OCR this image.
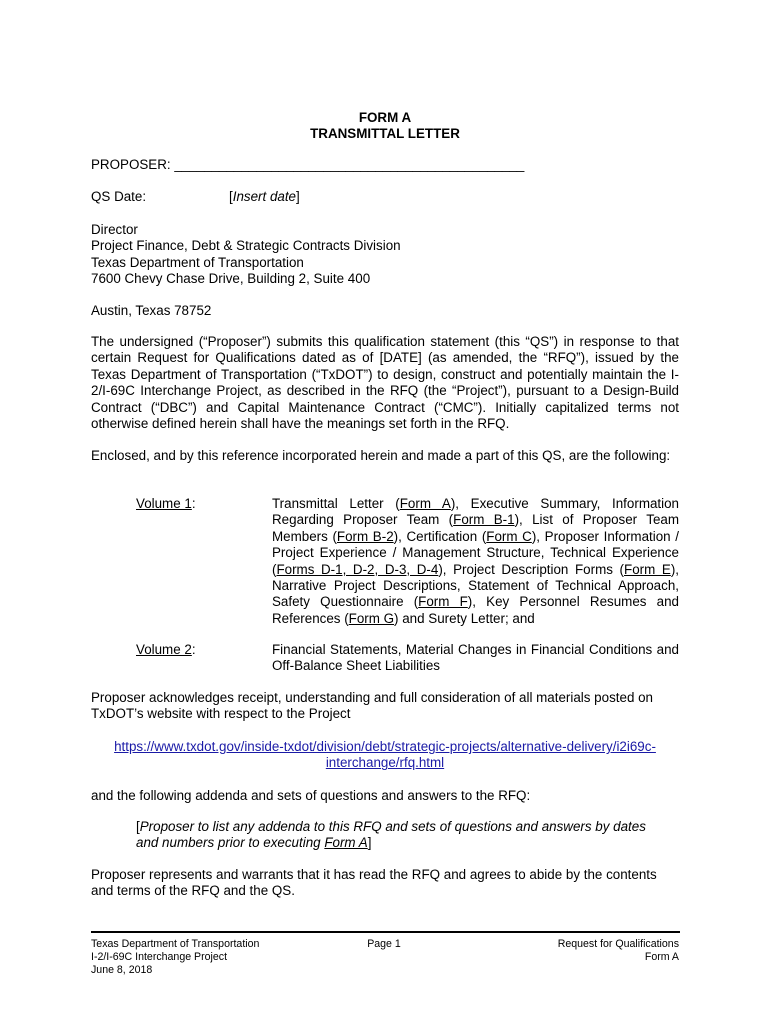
FORM A
TRANSMITTAL LETTER
PROPOSER: _______________________________________________
QS Date:	[Insert date]
Director
Project Finance, Debt & Strategic Contracts Division
Texas Department of Transportation
7600 Chevy Chase Drive, Building 2, Suite 400
Austin, Texas 78752
The undersigned (“Proposer”) submits this qualification statement (this “QS”) in response to that certain Request for Qualifications dated as of [DATE] (as amended, the “RFQ”), issued by the Texas Department of Transportation (“TxDOT”) to design, construct and potentially maintain the I-2/I-69C Interchange Project, as described in the RFQ (the “Project”), pursuant to a Design-Build Contract (“DBC”) and Capital Maintenance Contract (“CMC”). Initially capitalized terms not otherwise defined herein shall have the meanings set forth in the RFQ.
Enclosed, and by this reference incorporated herein and made a part of this QS, are the following:
Volume 1:	Transmittal Letter (Form A), Executive Summary, Information Regarding Proposer Team (Form B-1), List of Proposer Team Members (Form B-2), Certification (Form C), Proposer Information / Project Experience / Management Structure, Technical Experience (Forms D-1, D-2, D-3, D-4), Project Description Forms (Form E), Narrative Project Descriptions, Statement of Technical Approach, Safety Questionnaire (Form F), Key Personnel Resumes and References (Form G) and Surety Letter; and
Volume 2:	Financial Statements, Material Changes in Financial Conditions and Off-Balance Sheet Liabilities
Proposer acknowledges receipt, understanding and full consideration of all materials posted on TxDOT’s website with respect to the Project
https://www.txdot.gov/inside-txdot/division/debt/strategic-projects/alternative-delivery/i2i69c-
interchange/rfq.html
and the following addenda and sets of questions and answers to the RFQ:
[Proposer to list any addenda to this RFQ and sets of questions and answers by dates and numbers prior to executing Form A]
Proposer represents and warrants that it has read the RFQ and agrees to abide by the contents and terms of the RFQ and the QS.
Texas Department of Transportation
I-2/I-69C Interchange Project
June 8, 2018
Page 1	Request for Qualifications
Form A
